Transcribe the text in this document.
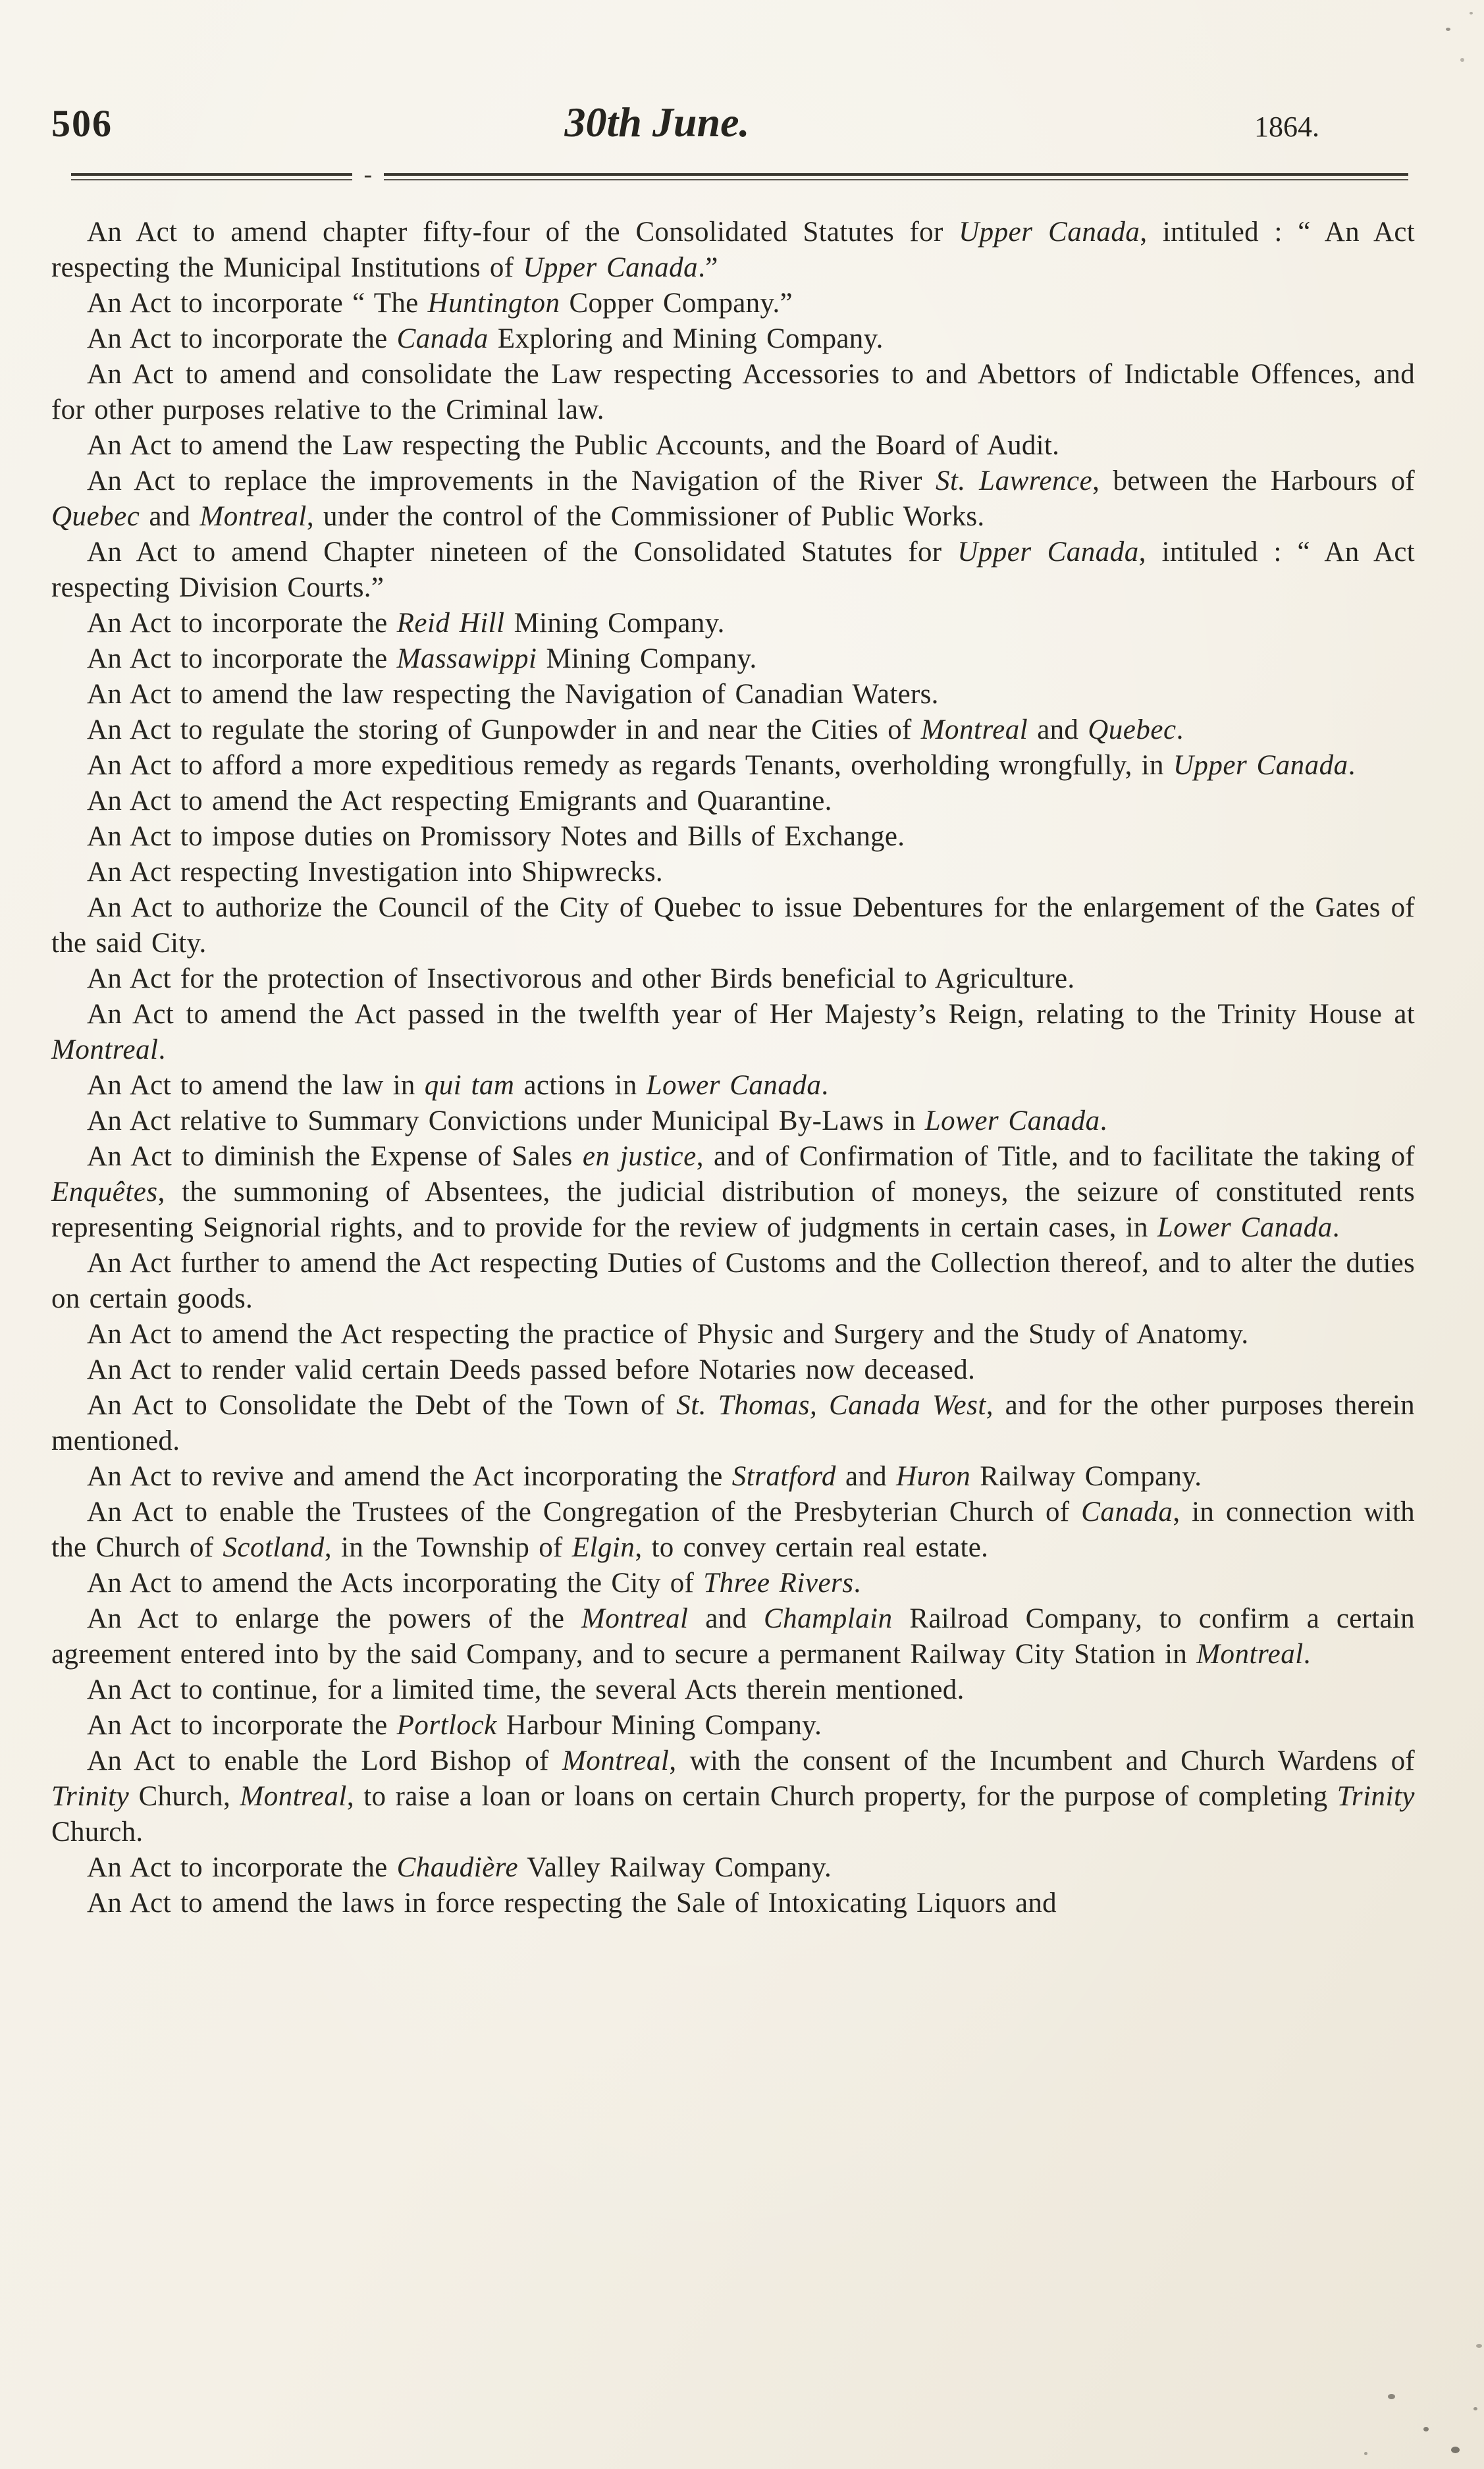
506	30th June.	1864.
-

An Act to amend chapter fifty-four of the Consolidated Statutes for Upper Canada, intituled : “ An Act respecting the Municipal Institutions of Upper Canada.”

An Act to incorporate “ The Huntington Copper Company.”

An Act to incorporate the Canada Exploring and Mining Company.

An Act to amend and consolidate the Law respecting Accessories to and Abettors of Indictable Offences, and for other purposes relative to the Criminal law.

An Act to amend the Law respecting the Public Accounts, and the Board of Audit.

An Act to replace the improvements in the Navigation of the River St. Lawrence, between the Harbours of Quebec and Montreal, under the control of the Commissioner of Public Works.

An Act to amend Chapter nineteen of the Consolidated Statutes for Upper Canada, intituled : “ An Act respecting Division Courts.”

An Act to incorporate the Reid Hill Mining Company.

An Act to incorporate the Massawippi Mining Company.

An Act to amend the law respecting the Navigation of Canadian Waters.

An Act to regulate the storing of Gunpowder in and near the Cities of Montreal and Quebec.

An Act to afford a more expeditious remedy as regards Tenants, overholding wrongfully, in Upper Canada.

An Act to amend the Act respecting Emigrants and Quarantine.

An Act to impose duties on Promissory Notes and Bills of Exchange.

An Act respecting Investigation into Shipwrecks.

An Act to authorize the Council of the City of Quebec to issue Debentures for the enlargement of the Gates of the said City.

An Act for the protection of Insectivorous and other Birds beneficial to Agriculture.

An Act to amend the Act passed in the twelfth year of Her Majesty’s Reign, relating to the Trinity House at Montreal.

An Act to amend the law in qui tam actions in Lower Canada.

An Act relative to Summary Convictions under Municipal By-Laws in Lower Canada.

An Act to diminish the Expense of Sales en justice, and of Confirmation of Title, and to facilitate the taking of Enquêtes, the summoning of Absentees, the judicial distribution of moneys, the seizure of constituted rents representing Seignorial rights, and to provide for the review of judgments in certain cases, in Lower Canada.

An Act further to amend the Act respecting Duties of Customs and the Collection thereof, and to alter the duties on certain goods.

An Act to amend the Act respecting the practice of Physic and Surgery and the Study of Anatomy.

An Act to render valid certain Deeds passed before Notaries now deceased.

An Act to Consolidate the Debt of the Town of St. Thomas, Canada West, and for the other purposes therein mentioned.

An Act to revive and amend the Act incorporating the Stratford and Huron Railway Company.

An Act to enable the Trustees of the Congregation of the Presbyterian Church of Canada, in connection with the Church of Scotland, in the Township of Elgin, to convey certain real estate.

An Act to amend the Acts incorporating the City of Three Rivers.

An Act to enlarge the powers of the Montreal and Champlain Railroad Company, to confirm a certain agreement entered into by the said Company, and to secure a permanent Railway City Station in Montreal.

An Act to continue, for a limited time, the several Acts therein mentioned.

An Act to incorporate the Portlock Harbour Mining Company.

An Act to enable the Lord Bishop of Montreal, with the consent of the Incumbent and Church Wardens of Trinity Church, Montreal, to raise a loan or loans on certain Church property, for the purpose of completing Trinity Church.

An Act to incorporate the Chaudière Valley Railway Company.

An Act to amend the laws in force respecting the Sale of Intoxicating Liquors and
